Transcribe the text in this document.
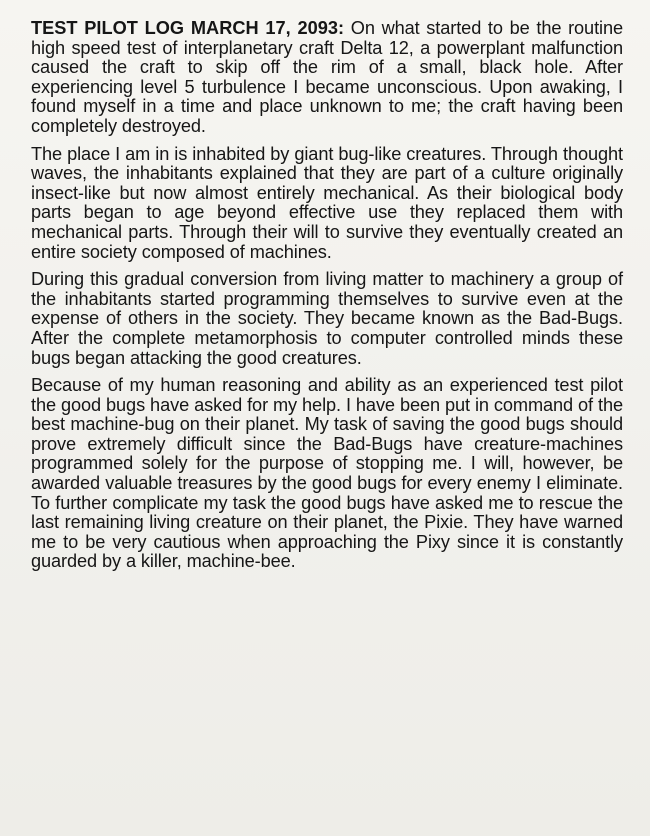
TEST PILOT LOG MARCH 17, 2093: On what started to be the routine high speed test of interplanetary craft Delta 12, a powerplant malfunction caused the craft to skip off the rim of a small, black hole. After experiencing level 5 turbulence I became unconscious. Upon awaking, I found myself in a time and place unknown to me; the craft having been completely destroyed.

The place I am in is inhabited by giant bug-like creatures. Through thought waves, the inhabitants explained that they are part of a culture originally insect-like but now almost entirely mechanical. As their biological body parts began to age beyond effective use they replaced them with mechanical parts. Through their will to survive they eventually created an entire society composed of machines.

During this gradual conversion from living matter to machinery a group of the inhabitants started programming themselves to survive even at the expense of others in the society. They became known as the Bad-Bugs. After the complete metamorphosis to computer controlled minds these bugs began attacking the good creatures.

Because of my human reasoning and ability as an experienced test pilot the good bugs have asked for my help. I have been put in command of the best machine-bug on their planet. My task of saving the good bugs should prove extremely difficult since the Bad-Bugs have creature-machines programmed solely for the purpose of stopping me. I will, however, be awarded valuable treasures by the good bugs for every enemy I eliminate. To further complicate my task the good bugs have asked me to rescue the last remaining living creature on their planet, the Pixie. They have warned me to be very cautious when approaching the Pixy since it is constantly guarded by a killer, machine-bee.
